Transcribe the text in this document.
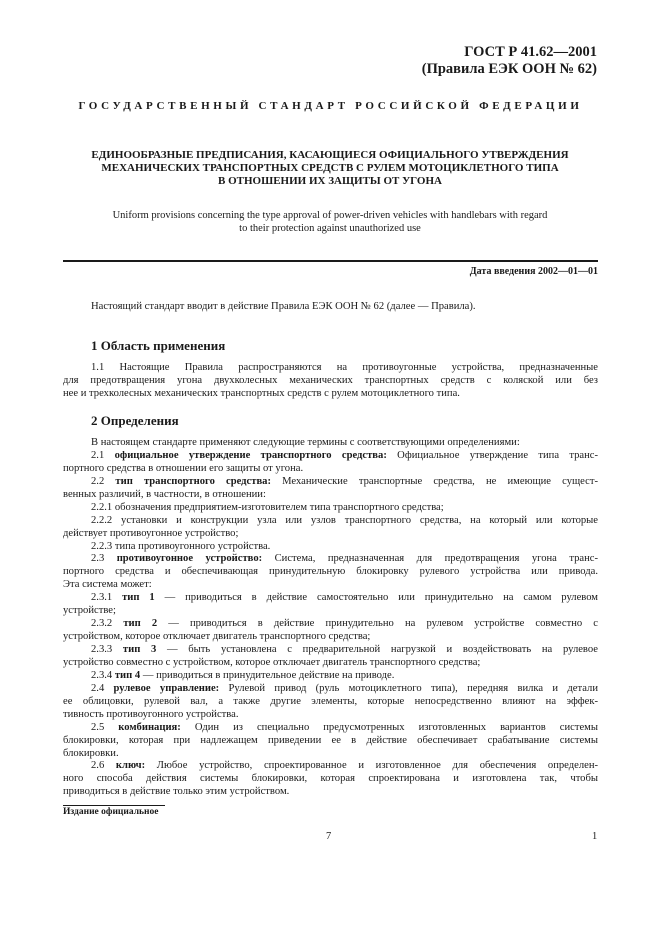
ГОСТ Р 41.62—2001
(Правила ЕЭК ООН № 62)
ГОСУДАРСТВЕННЫЙ СТАНДАРТ РОССИЙСКОЙ ФЕДЕРАЦИИ
ЕДИНООБРАЗНЫЕ ПРЕДПИСАНИЯ, КАСАЮЩИЕСЯ ОФИЦИАЛЬНОГО УТВЕРЖДЕНИЯ
МЕХАНИЧЕСКИХ ТРАНСПОРТНЫХ СРЕДСТВ С РУЛЕМ МОТОЦИКЛЕТНОГО ТИПА
В ОТНОШЕНИИ ИХ ЗАЩИТЫ ОТ УГОНА
Uniform provisions concerning the type approval of power-driven vehicles with handlebars with regard
to their protection against unauthorized use
Дата введения 2002—01—01
Настоящий стандарт вводит в действие Правила ЕЭК ООН № 62 (далее — Правила).
1 Область применения
1.1 Настоящие Правила распространяются на противоугонные устройства, предназначенные
для предотвращения угона двухколесных механических транспортных средств с коляской или без
нее и трехколесных механических транспортных средств с рулем мотоциклетного типа.
2 Определения
В настоящем стандарте применяют следующие термины с соответствующими определениями:
2.1 официальное утверждение транспортного средства: Официальное утверждение типа транс-
портного средства в отношении его защиты от угона.
2.2 тип транспортного средства: Механические транспортные средства, не имеющие сущест-
венных различий, в частности, в отношении:
2.2.1 обозначения предприятием-изготовителем типа транспортного средства;
2.2.2 установки и конструкции узла или узлов транспортного средства, на который или которые
действует противоугонное устройство;
2.2.3 типа противоугонного устройства.
2.3 противоугонное устройство: Система, предназначенная для предотвращения угона транс-
портного средства и обеспечивающая принудительную блокировку рулевого устройства или привода.
Эта система может:
2.3.1 тип 1 — приводиться в действие самостоятельно или принудительно на самом рулевом
устройстве;
2.3.2 тип 2 — приводиться в действие принудительно на рулевом устройстве совместно с
устройством, которое отключает двигатель транспортного средства;
2.3.3 тип 3 — быть установлена с предварительной нагрузкой и воздействовать на рулевое
устройство совместно с устройством, которое отключает двигатель транспортного средства;
2.3.4 тип 4 — приводиться в принудительное действие на приводе.
2.4 рулевое управление: Рулевой привод (руль мотоциклетного типа), передняя вилка и детали
ее облицовки, рулевой вал, а также другие элементы, которые непосредственно влияют на эффек-
тивность противоугонного устройства.
2.5 комбинация: Один из специально предусмотренных изготовленных вариантов системы
блокировки, которая при надлежащем приведении ее в действие обеспечивает срабатывание системы
блокировки.
2.6 ключ: Любое устройство, спроектированное и изготовленное для обеспечения определен-
ного способа действия системы блокировки, которая спроектирована и изготовлена так, чтобы
приводиться в действие только этим устройством.
Издание официальное
7	1
